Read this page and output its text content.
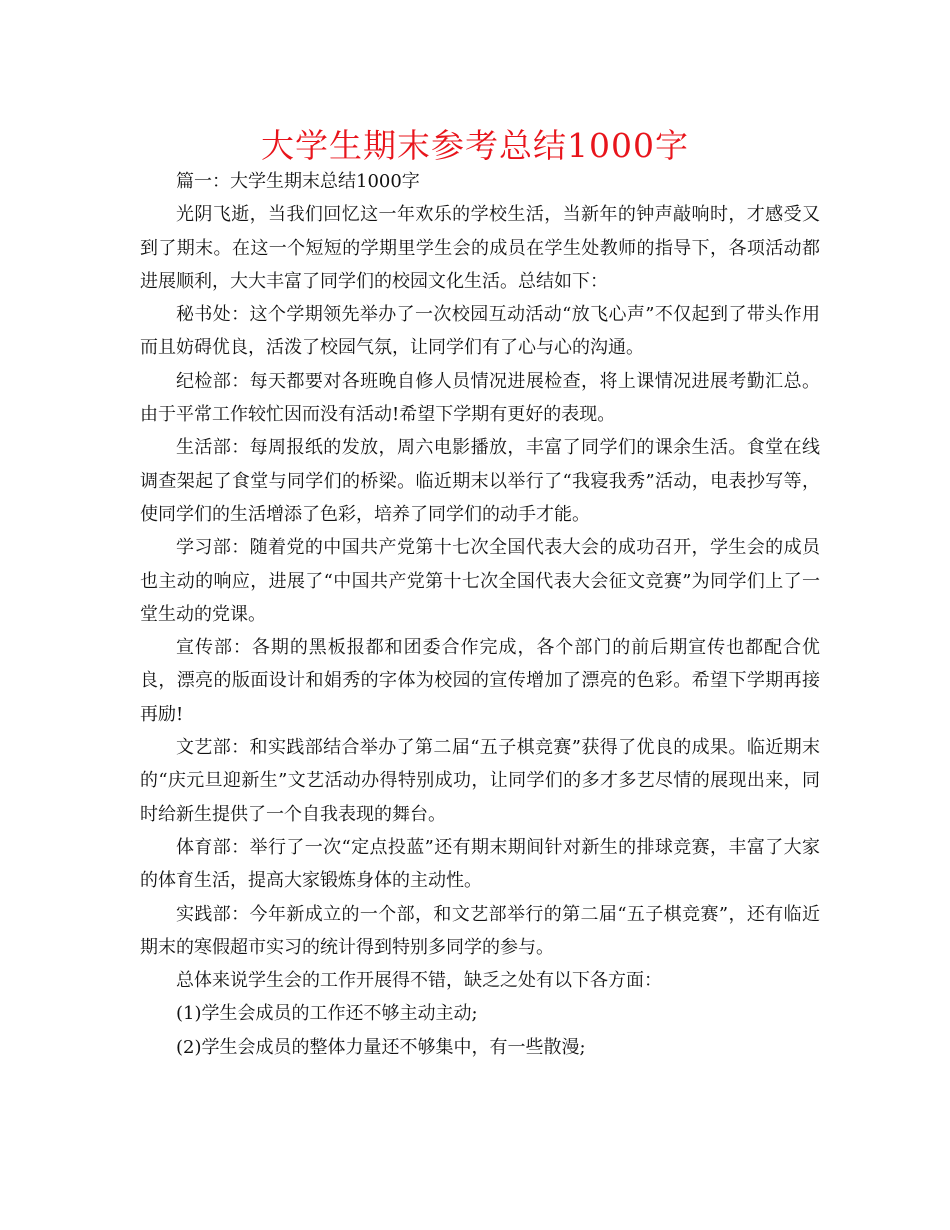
大学生期末参考总结1000字

篇一：大学生期末总结1000字

光阴飞逝，当我们回忆这一年欢乐的学校生活，当新年的钟声敲响时，才感受又到了期末。在这一个短短的学期里学生会的成员在学生处教师的指导下，各项活动都进展顺利，大大丰富了同学们的校园文化生活。总结如下：

秘书处：这个学期领先举办了一次校园互动活动“放飞心声”不仅起到了带头作用而且妨碍优良，活泼了校园气氛，让同学们有了心与心的沟通。

纪检部：每天都要对各班晚自修人员情况进展检查，将上课情况进展考勤汇总。由于平常工作较忙因而没有活动!希望下学期有更好的表现。

生活部：每周报纸的发放，周六电影播放，丰富了同学们的课余生活。食堂在线调查架起了食堂与同学们的桥梁。临近期末以举行了“我寝我秀”活动，电表抄写等，使同学们的生活增添了色彩，培养了同学们的动手才能。

学习部：随着党的中国共产党第十七次全国代表大会的成功召开，学生会的成员也主动的响应，进展了“中国共产党第十七次全国代表大会征文竞赛”为同学们上了一堂生动的党课。

宣传部：各期的黑板报都和团委合作完成，各个部门的前后期宣传也都配合优良，漂亮的版面设计和娟秀的字体为校园的宣传增加了漂亮的色彩。希望下学期再接再励!

文艺部：和实践部结合举办了第二届“五子棋竞赛”获得了优良的成果。临近期末的“庆元旦迎新生”文艺活动办得特别成功，让同学们的多才多艺尽情的展现出来，同时给新生提供了一个自我表现的舞台。

体育部：举行了一次“定点投蓝”还有期末期间针对新生的排球竞赛，丰富了大家的体育生活，提高大家锻炼身体的主动性。

实践部：今年新成立的一个部，和文艺部举行的第二届“五子棋竞赛”，还有临近期末的寒假超市实习的统计得到特别多同学的参与。

总体来说学生会的工作开展得不错，缺乏之处有以下各方面：

(1)学生会成员的工作还不够主动主动;

(2)学生会成员的整体力量还不够集中，有一些散漫;
